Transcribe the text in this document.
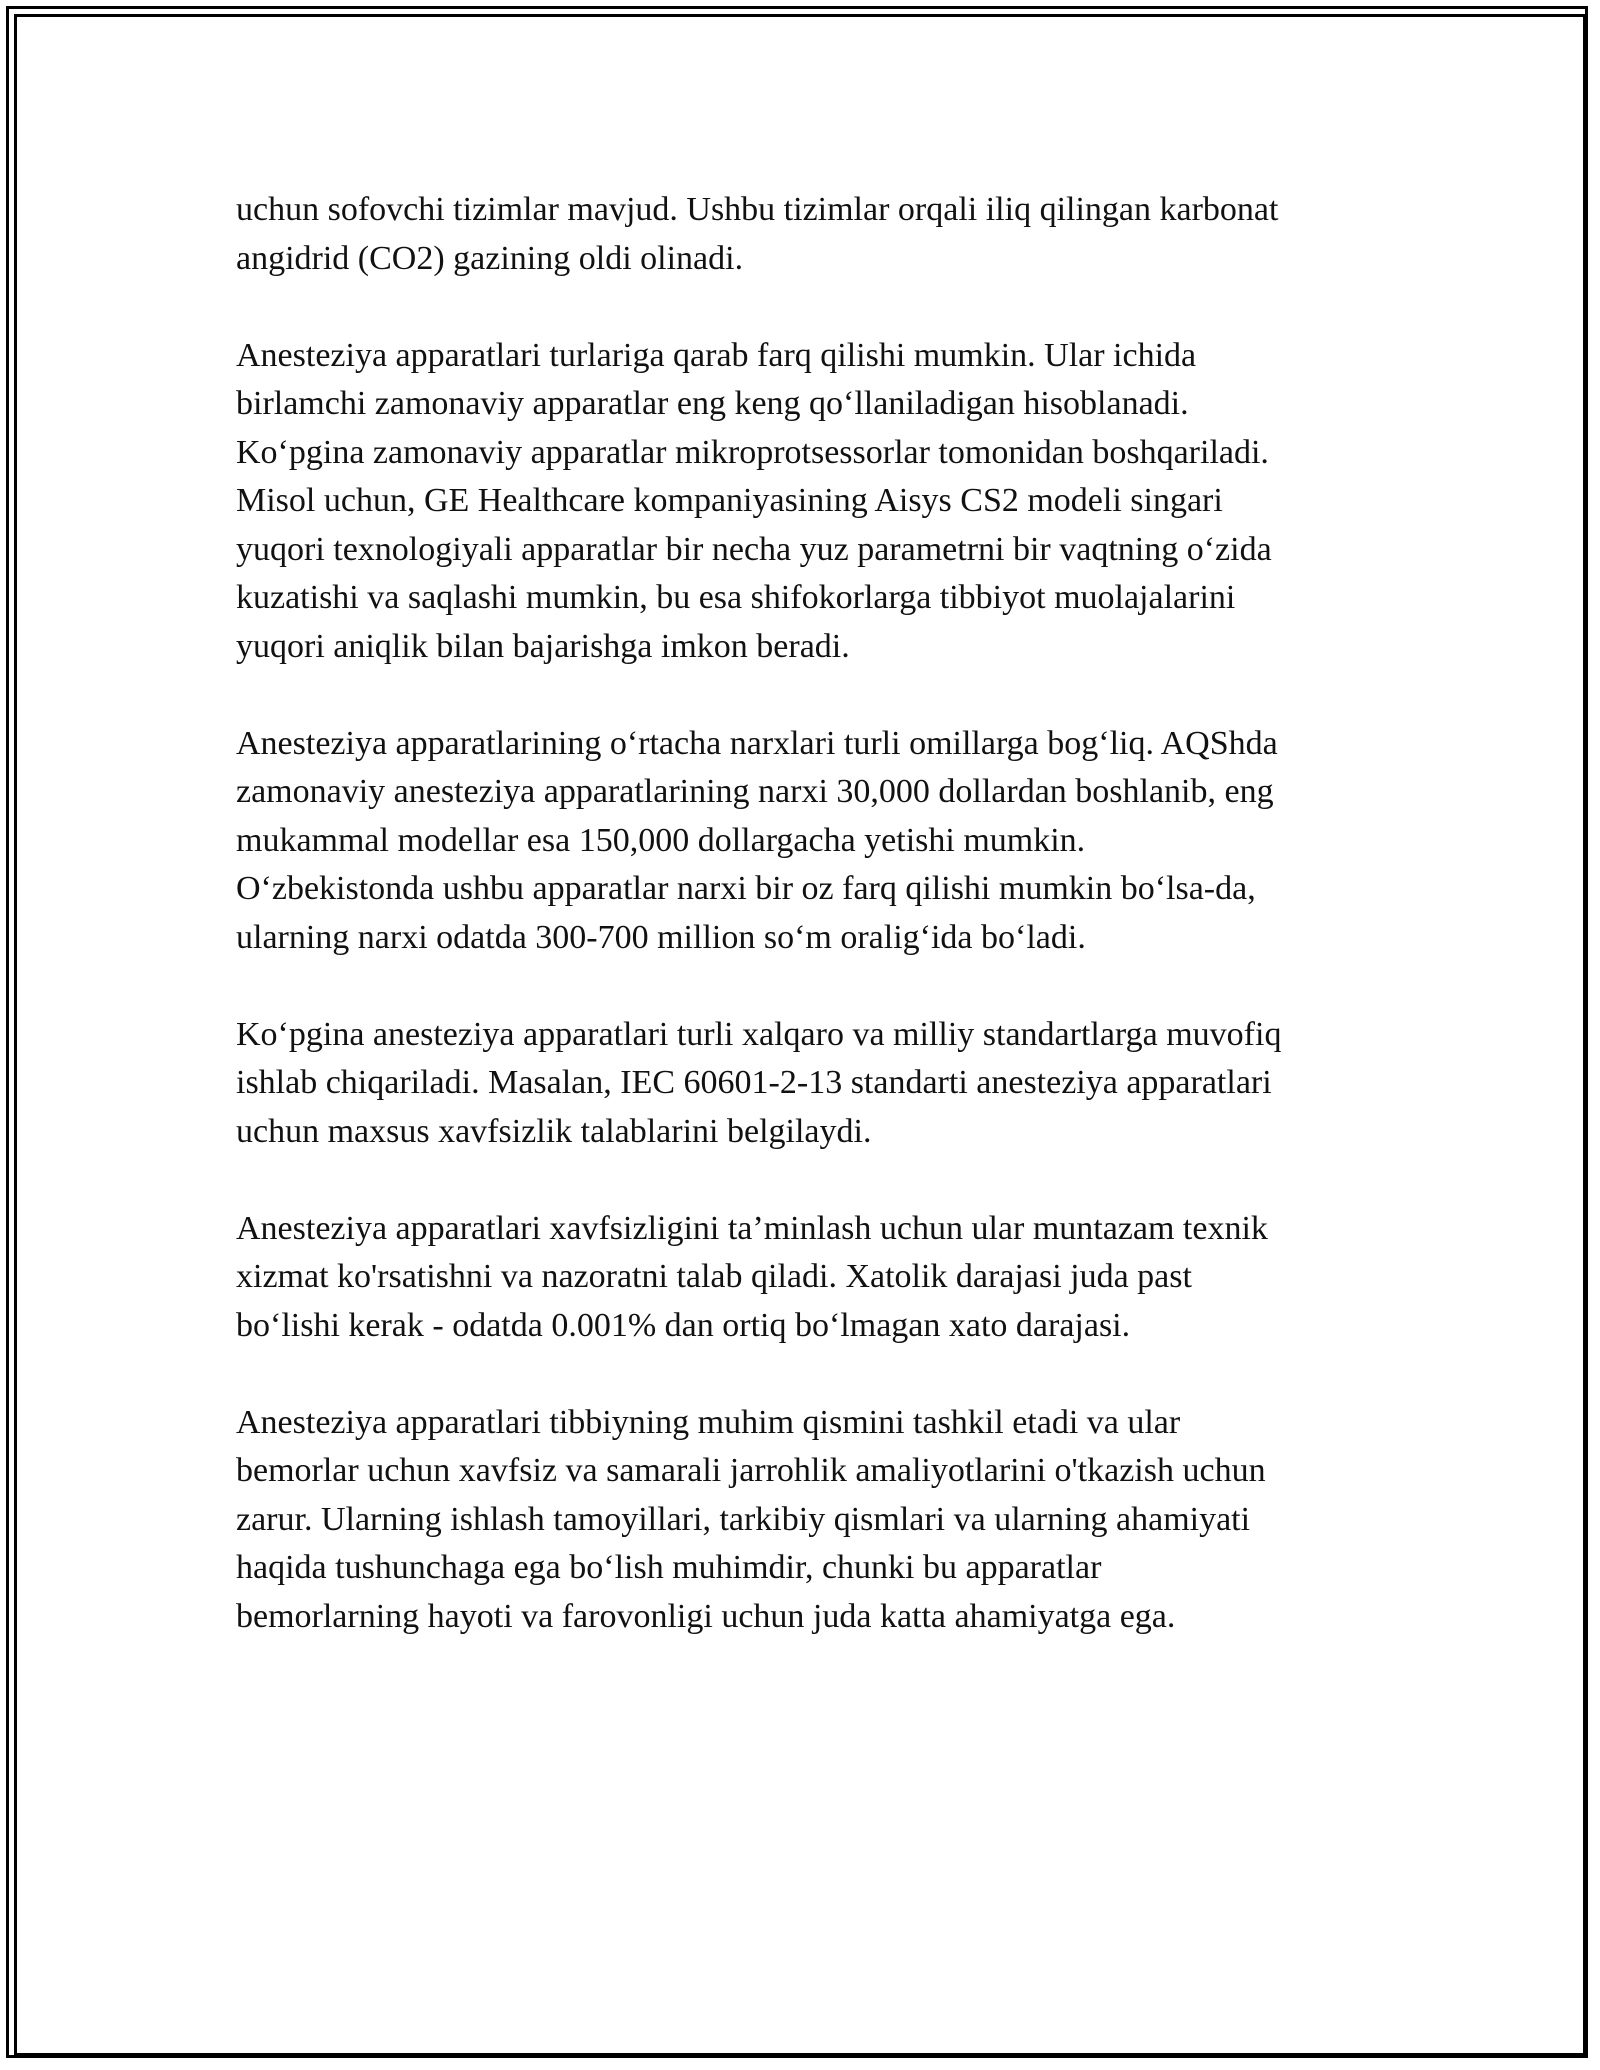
uchun sofovchi tizimlar mavjud. Ushbu tizimlar orqali iliq qilingan karbonat
angidrid (CO2) gazining oldi olinadi.

Anesteziya apparatlari turlariga qarab farq qilishi mumkin. Ular ichida
birlamchi zamonaviy apparatlar eng keng qo‘llaniladigan hisoblanadi.
Ko‘pgina zamonaviy apparatlar mikroprotsessorlar tomonidan boshqariladi.
Misol uchun, GE Healthcare kompaniyasining Aisys CS2 modeli singari
yuqori texnologiyali apparatlar bir necha yuz parametrni bir vaqtning o‘zida
kuzatishi va saqlashi mumkin, bu esa shifokorlarga tibbiyot muolajalarini
yuqori aniqlik bilan bajarishga imkon beradi.

Anesteziya apparatlarining o‘rtacha narxlari turli omillarga bog‘liq. AQShda
zamonaviy anesteziya apparatlarining narxi 30,000 dollardan boshlanib, eng
mukammal modellar esa 150,000 dollargacha yetishi mumkin.
O‘zbekistonda ushbu apparatlar narxi bir oz farq qilishi mumkin bo‘lsa-da,
ularning narxi odatda 300-700 million so‘m oralig‘ida bo‘ladi.

Ko‘pgina anesteziya apparatlari turli xalqaro va milliy standartlarga muvofiq
ishlab chiqariladi. Masalan, IEC 60601-2-13 standarti anesteziya apparatlari
uchun maxsus xavfsizlik talablarini belgilaydi.

Anesteziya apparatlari xavfsizligini ta’minlash uchun ular muntazam texnik
xizmat ko'rsatishni va nazoratni talab qiladi. Xatolik darajasi juda past
bo‘lishi kerak - odatda 0.001% dan ortiq bo‘lmagan xato darajasi.

Anesteziya apparatlari tibbiyning muhim qismini tashkil etadi va ular
bemorlar uchun xavfsiz va samarali jarrohlik amaliyotlarini o'tkazish uchun
zarur. Ularning ishlash tamoyillari, tarkibiy qismlari va ularning ahamiyati
haqida tushunchaga ega bo‘lish muhimdir, chunki bu apparatlar
bemorlarning hayoti va farovonligi uchun juda katta ahamiyatga ega.
